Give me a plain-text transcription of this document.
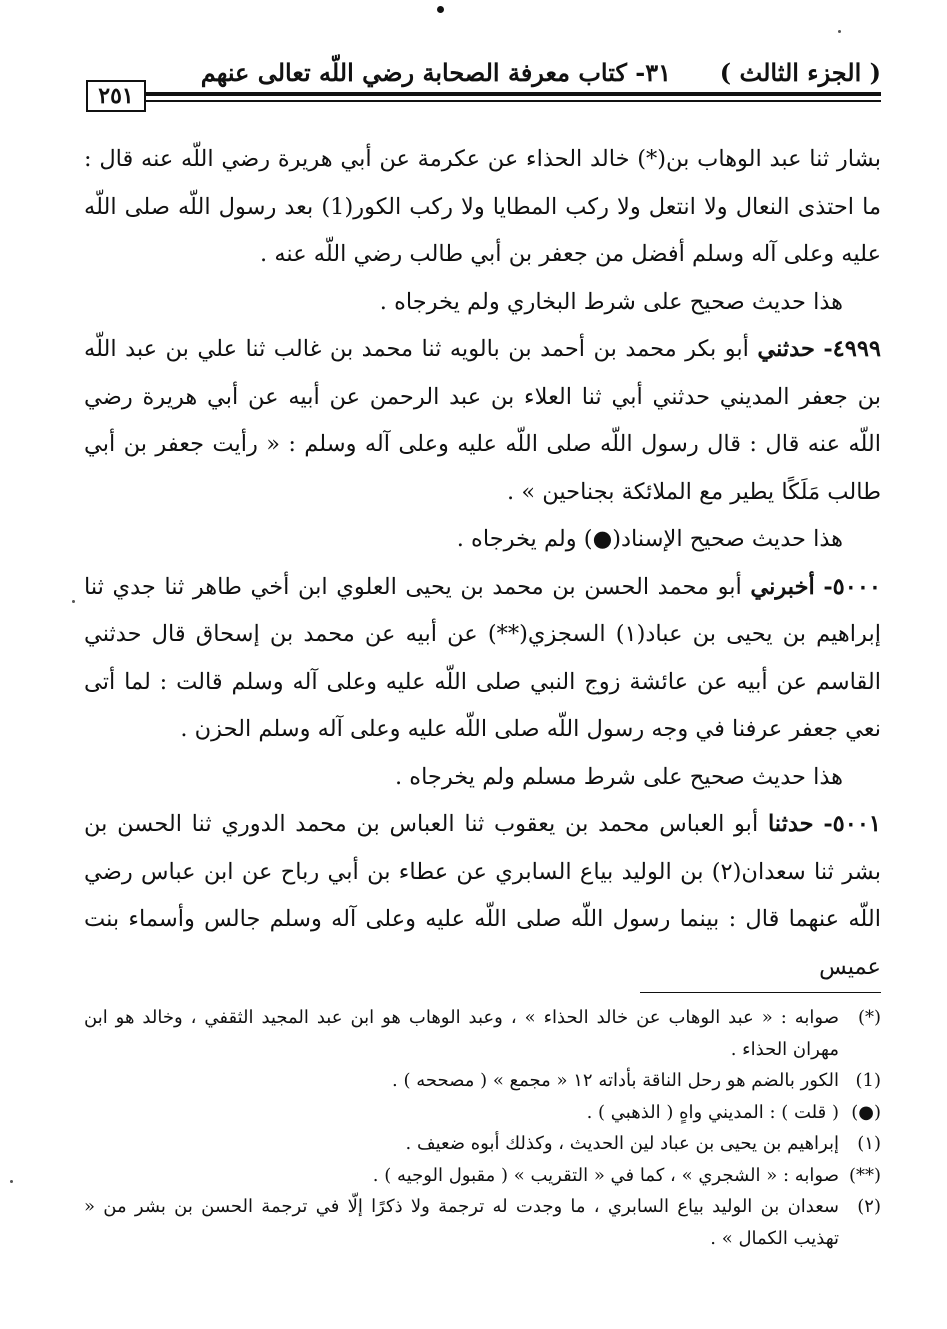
( الجزء الثالث )
٣١- كتاب معرفة الصحابة رضي اللّه تعالى عنهم
٢٥١

بشار ثنا عبد الوهاب بن(*) خالد الحذاء عن عكرمة عن أبي هريرة رضي اللّه عنه قال : ما احتذى النعال ولا انتعل ولا ركب المطايا ولا ركب الكور(1) بعد رسول اللّه صلى اللّه عليه وعلى آله وسلم أفضل من جعفر بن أبي طالب رضي اللّه عنه .

هذا حديث صحيح على شرط البخاري ولم يخرجاه .

٤٩٩٩- حدثني أبو بكر محمد بن أحمد بن بالويه ثنا محمد بن غالب ثنا علي بن عبد اللّه بن جعفر المديني حدثني أبي ثنا العلاء بن عبد الرحمن عن أبيه عن أبي هريرة رضي اللّه عنه قال : قال رسول اللّه صلى اللّه عليه وعلى آله وسلم : « رأيت جعفر بن أبي طالب مَلَكًا يطير مع الملائكة بجناحين » .

هذا حديث صحيح الإسناد(●) ولم يخرجاه .

٥٠٠٠- أخبرني أبو محمد الحسن بن محمد بن يحيى العلوي ابن أخي طاهر ثنا جدي ثنا إبراهيم بن يحيى بن عباد(١) السجزي(**) عن أبيه عن محمد بن إسحاق قال حدثني القاسم عن أبيه عن عائشة زوج النبي صلى اللّه عليه وعلى آله وسلم قالت : لما أتى نعي جعفر عرفنا في وجه رسول اللّه صلى اللّه عليه وعلى آله وسلم الحزن .

هذا حديث صحيح على شرط مسلم ولم يخرجاه .

٥٠٠١- حدثنا أبو العباس محمد بن يعقوب ثنا العباس بن محمد الدوري ثنا الحسن بن بشر ثنا سعدان(٢) بن الوليد بياع السابري عن عطاء بن أبي رباح عن ابن عباس رضي اللّه عنهما قال : بينما رسول اللّه صلى اللّه عليه وعلى آله وسلم جالس وأسماء بنت عميس

(*)
صوابه : « عبد الوهاب عن خالد الحذاء » ، وعبد الوهاب هو ابن عبد المجيد الثقفي ، وخالد هو ابن مهران الحذاء .
(1)
الكور بالضم هو رحل الناقة بأداته ١٢ « مجمع » ( مصححه ) .
(●)
( قلت ) : المديني واهٍ ( الذهبي ) .
(١)
إبراهيم بن يحيى بن عباد لين الحديث ، وكذلك أبوه ضعيف .
(**)
صوابه : « الشجري » ، كما في « التقريب » ( مقبول الوجيه ) .
(٢)
سعدان بن الوليد بياع السابري ، ما وجدت له ترجمة ولا ذكرًا إلّا في ترجمة الحسن بن بشر من « تهذيب الكمال » .
